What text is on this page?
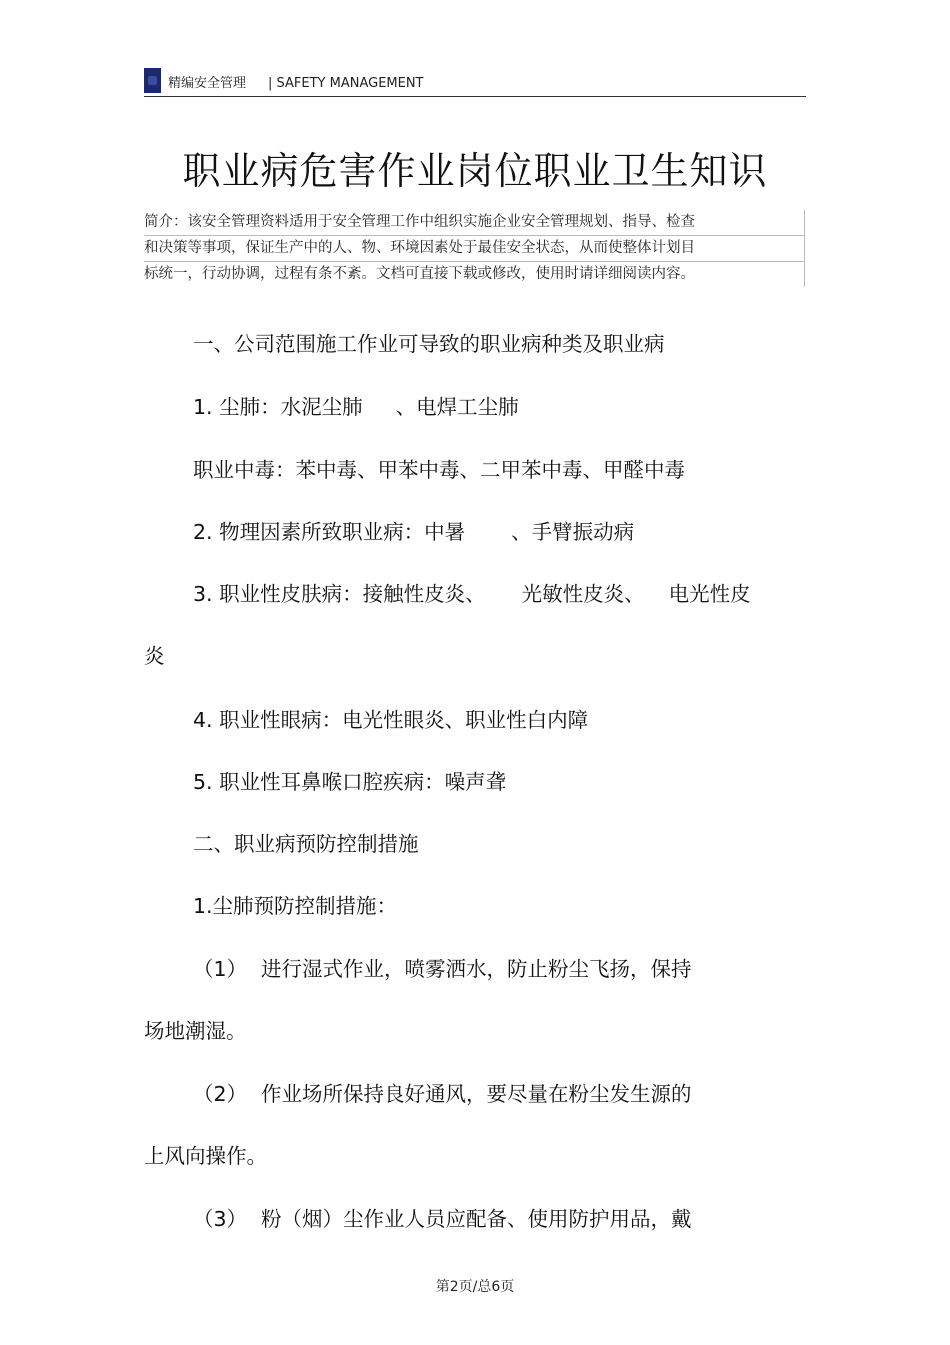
精编安全管理 | SAFETY MANAGEMENT
职业病危害作业岗位职业卫生知识
简介：该安全管理资料适用于安全管理工作中组织实施企业安全管理规划、指导、检查
和决策等事项，保证生产中的人、物、环境因素处于最佳安全状态，从而使整体计划目
标统一，行动协调，过程有条不紊。文档可直接下载或修改，使用时请详细阅读内容。
一、公司范围施工作业可导致的职业病种类及职业病
1. 尘肺：水泥尘肺 、电焊工尘肺
职业中毒：苯中毒、甲苯中毒、二甲苯中毒、甲醛中毒
2. 物理因素所致职业病：中暑 、手臂振动病
3. 职业性皮肤病：接触性皮炎、 光敏性皮炎、 电光性皮
炎
4. 职业性眼病：电光性眼炎、职业性白内障
5. 职业性耳鼻喉口腔疾病：噪声聋
二、职业病预防控制措施
1.尘肺预防控制措施：
（1） 进行湿式作业，喷雾洒水，防止粉尘飞扬，保持
场地潮湿。
（2） 作业场所保持良好通风，要尽量在粉尘发生源的
上风向操作。
（3） 粉（烟）尘作业人员应配备、使用防护用品，戴
第2页/总6页
